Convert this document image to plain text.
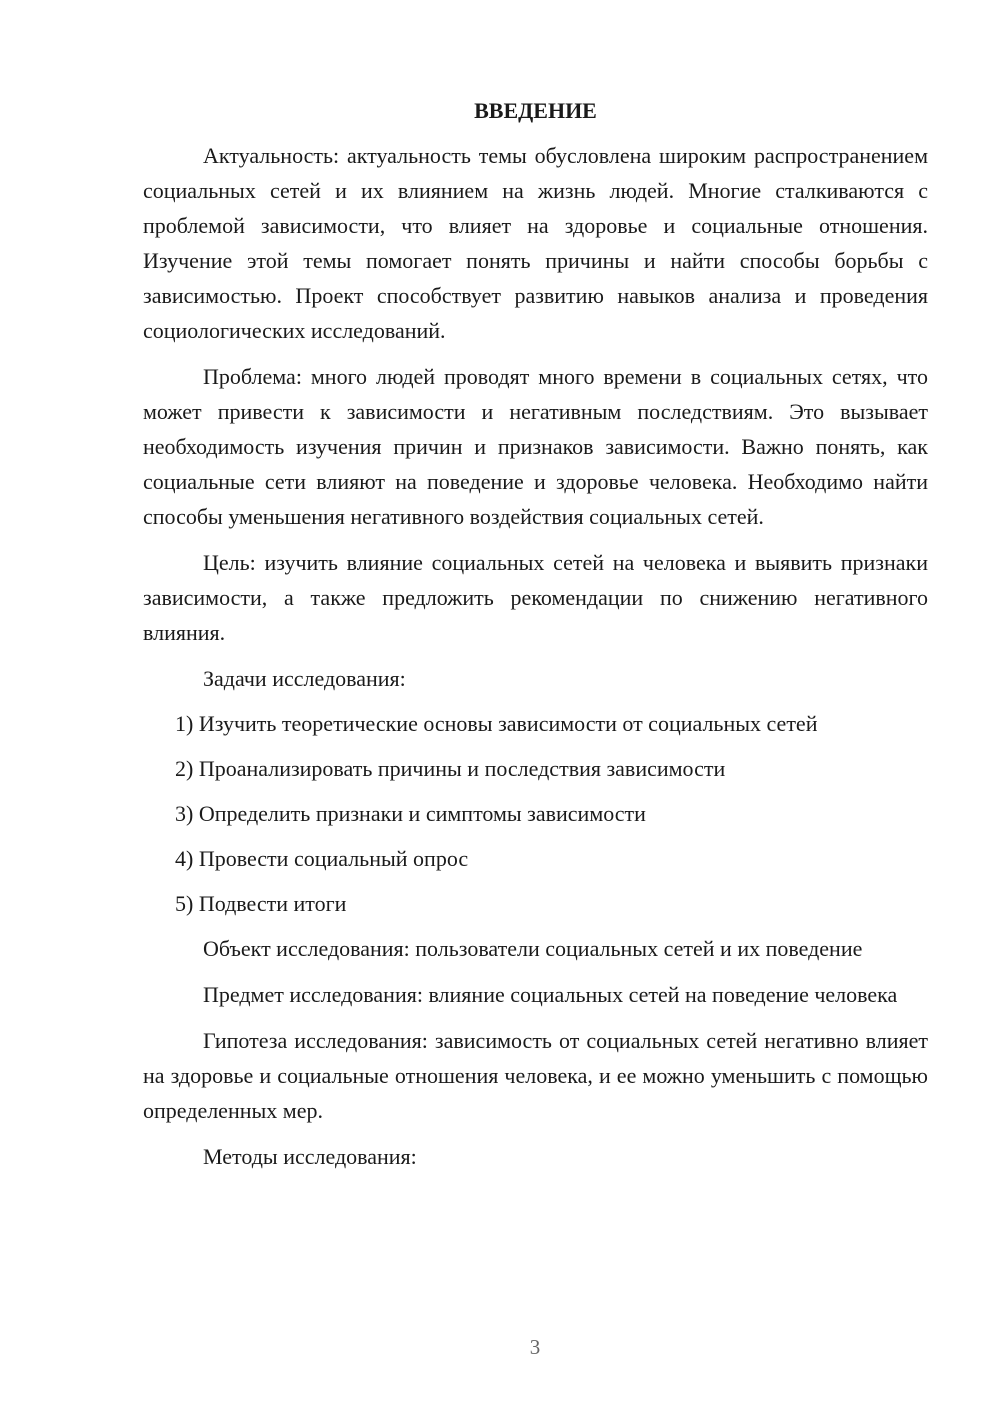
ВВЕДЕНИЕ

Актуальность: актуальность темы обусловлена широким распространением социальных сетей и их влиянием на жизнь людей. Многие сталкиваются с проблемой зависимости, что влияет на здоровье и социальные отношения. Изучение этой темы помогает понять причины и найти способы борьбы с зависимостью. Проект способствует развитию навыков анализа и проведения социологических исследований.

Проблема: много людей проводят много времени в социальных сетях, что может привести к зависимости и негативным последствиям. Это вызывает необходимость изучения причин и признаков зависимости. Важно понять, как социальные сети влияют на поведение и здоровье человека. Необходимо найти способы уменьшения негативного воздействия социальных сетей.

Цель: изучить влияние социальных сетей на человека и выявить признаки зависимости, а также предложить рекомендации по снижению негативного влияния.

Задачи исследования:

1) Изучить теоретические основы зависимости от социальных сетей
2) Проанализировать причины и последствия зависимости
3) Определить признаки и симптомы зависимости
4) Провести социальный опрос
5) Подвести итоги

Объект исследования: пользователи социальных сетей и их поведение

Предмет исследования: влияние социальных сетей на поведение человека

Гипотеза исследования: зависимость от социальных сетей негативно влияет на здоровье и социальные отношения человека, и ее можно уменьшить с помощью определенных мер.

Методы исследования:

3
